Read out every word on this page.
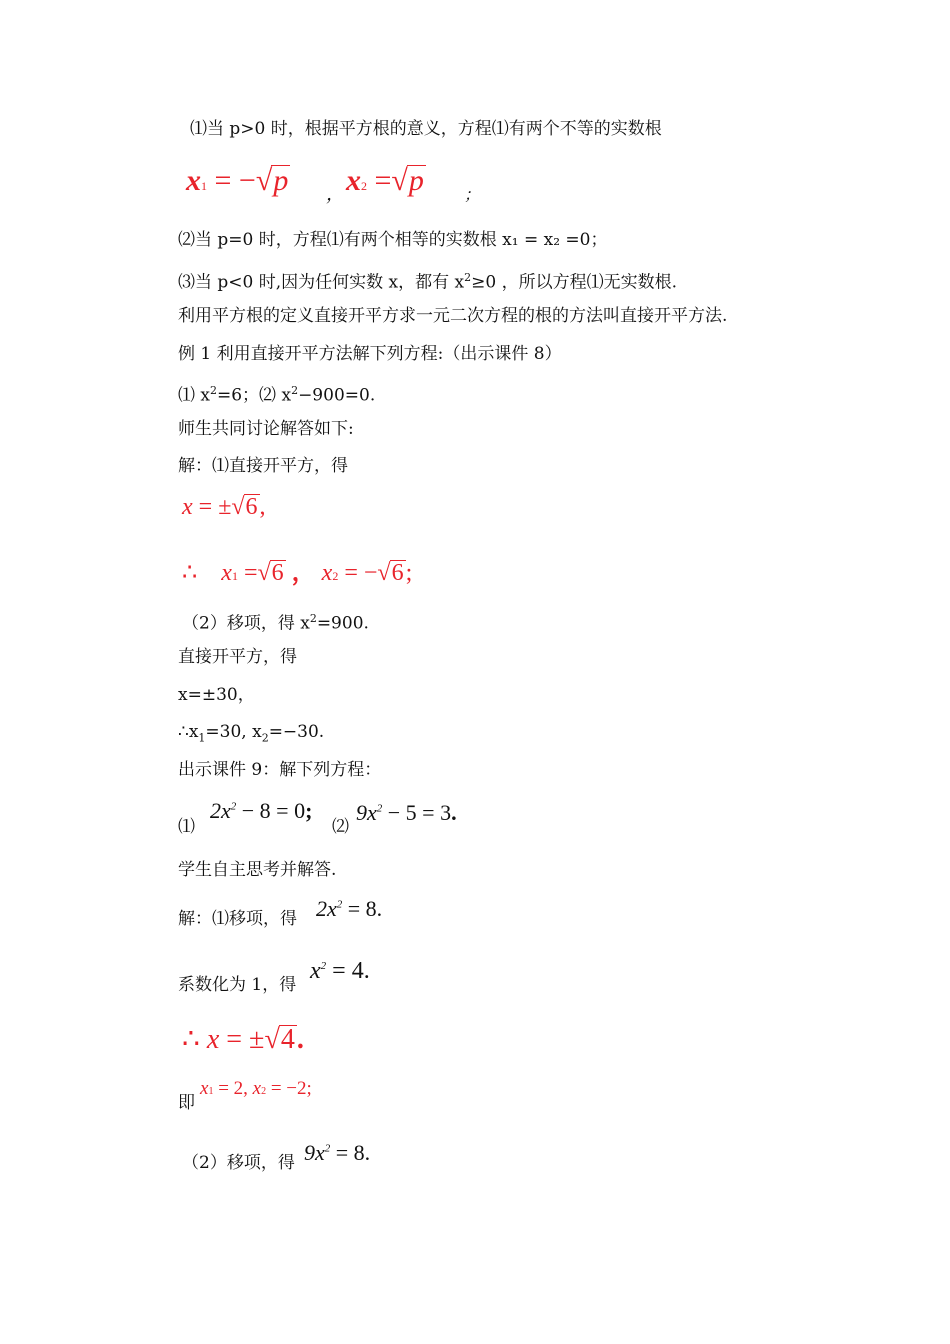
⑴当 p>0 时，根据平方根的意义，方程⑴有两个不等的实数根
x1 = −√p ， x2 =√p	；
⑵当 p=0 时，方程⑴有两个相等的实数根 x₁ = x₂ =0；
⑶当 p<0 时,因为任何实数 x，都有 $x^2\ge 0$ ，所以方程⑴无实数根.
利用平方根的定义直接开平方求一元二次方程的根的方法叫直接开平方法.
例 1 利用直接开平方法解下列方程:（出示课件 8）
⑴ $x^2=6$；⑵ $x^2-900=0$.
师生共同讨论解答如下:
解：⑴直接开平方，得
x = ±√6,
∴ x1 =√6 ， x2 = −√6;
（2）移项，得 $x^2=900$.
直接开平方，得
x=±30，
$\therefore x_1=30$, $x_2=-30$.
出示课件 9：解下列方程：
⑴
$2x^2 - 8 = 0$;
⑵
$9x^2 - 5 = 3$.
学生自主思考并解答.
解：⑴移项，得 $2x^2 = 8$.
系数化为 1，得
$x^2 = 4$.
∴ x = ±√4.
即
x1 = 2, x2 = −2;
（2）移项，得 $9x^2 = 8$.
